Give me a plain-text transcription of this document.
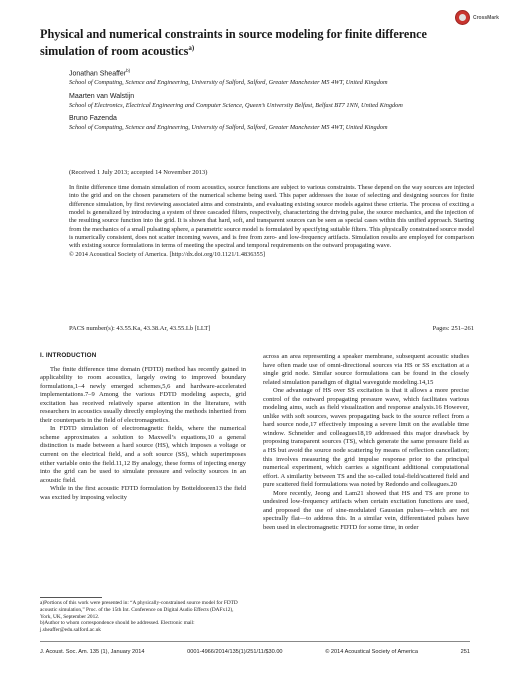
CrossMark
Physical and numerical constraints in source modeling for finite difference simulation of room acoustics$^{a)}$
Jonathan Sheaffer$^{b)}$
School of Computing, Science and Engineering, University of Salford, Salford, Greater Manchester M5 4WT, United Kingdom
Maarten van Walstijn
School of Electronics, Electrical Engineering and Computer Science, Queen’s University Belfast, Belfast BT7 1NN, United Kingdom
Bruno Fazenda
School of Computing, Science and Engineering, University of Salford, Salford, Greater Manchester M5 4WT, United Kingdom
(Received 1 July 2013; accepted 14 November 2013)

In finite difference time domain simulation of room acoustics, source functions are subject to various constraints. These depend on the way sources are injected into the grid and on the chosen parameters of the numerical scheme being used. This paper addresses the issue of selecting and designing sources for finite difference simulation, by first reviewing associated aims and constraints, and evaluating existing source models against these criteria. The process of exciting a model is generalized by introducing a system of three cascaded filters, respectively, characterizing the driving pulse, the source mechanics, and the injection of the resulting source function into the grid. It is shown that hard, soft, and transparent sources can be seen as special cases within this unified approach. Starting from the mechanics of a small pulsating sphere, a parametric source model is formulated by specifying suitable filters. This physically constrained source model is numerically consistent, does not scatter incoming waves, and is free from zero- and low-frequency artifacts. Simulation results are employed for comparison with existing source formulations in terms of meeting the spectral and temporal requirements on the outward propagating wave.
© 2014 Acoustical Society of America. [http://dx.doi.org/10.1121/1.4836355]

PACS number(s): 43.55.Ka, 43.38.Ar, 43.55.Lb [LLT]	Pages: 251–261
I. INTRODUCTION

The finite difference time domain (FDTD) method has recently gained in applicability to room acoustics, largely owing to improved boundary formulations,1–4 newly emerged schemes,5,6 and hardware-accelerated implementations.7–9 Among the various FDTD modeling aspects, grid excitation has received relatively sparse attention in the literature, with researchers in acoustics usually directly employing the methods inherited from their counterparts in the field of electromagnetics.

In FDTD simulation of electromagnetic fields, where the numerical scheme approximates a solution to Maxwell’s equations,10 a general distinction is made between a hard source (HS), which imposes a voltage or current on the electrical field, and a soft source (SS), which superimposes either variable onto the field.11,12 By analogy, these forms of injecting energy into the grid can be used to simulate pressure and velocity sources in an acoustic field.

While in the first acoustic FDTD formulation by Botteldooren13 the field was excited by imposing velocity

across an area representing a speaker membrane, subsequent acoustic studies have often made use of omni-directional sources via HS or SS excitation at a single grid node. Similar source formulations can be found in the closely related simulation paradigm of digital waveguide modeling.14,15

One advantage of HS over SS excitation is that it allows a more precise control of the outward propagating pressure wave, which facilitates various modeling aims, such as field visualization and response analysis.16 However, unlike with soft sources, waves propagating back to the source reflect from a hard source node,17 effectively imposing a severe limit on the available time window. Schneider and colleagues18,19 addressed this major drawback by proposing transparent sources (TS), which generate the same pressure field as a HS but avoid the source node scattering by means of reflection cancellation; this involves measuring the grid impulse response prior to the principal numerical experiment, which carries a significant additional computational effort. A similarity between TS and the so-called total-field/scattered field and pure scattered field formulations was noted by Redondo and colleagues.20

More recently, Jeong and Lam21 showed that HS and TS are prone to undesired low-frequency artifacts when certain excitation functions are used, and proposed the use of sine-modulated Gaussian pulses—which are not spectrally flat—to address this. In a similar vein, differentiated pulses have been used in electromagnetic FDTD for some time, in order

a)Portions of this work were presented in: “A physically-constrained source model for FDTD acoustic simulation,” Proc. of the 15th Int. Conference on Digital Audio Effects (DAFx12), York, UK, September 2012.

b)Author to whom correspondence should be addressed. Electronic mail: j.sheaffer@edu.salford.ac.uk

J. Acoust. Soc. Am. 135 (1), January 2014	0001-4966/2014/135(1)/251/11/$30.00	© 2014 Acoustical Society of America	251
